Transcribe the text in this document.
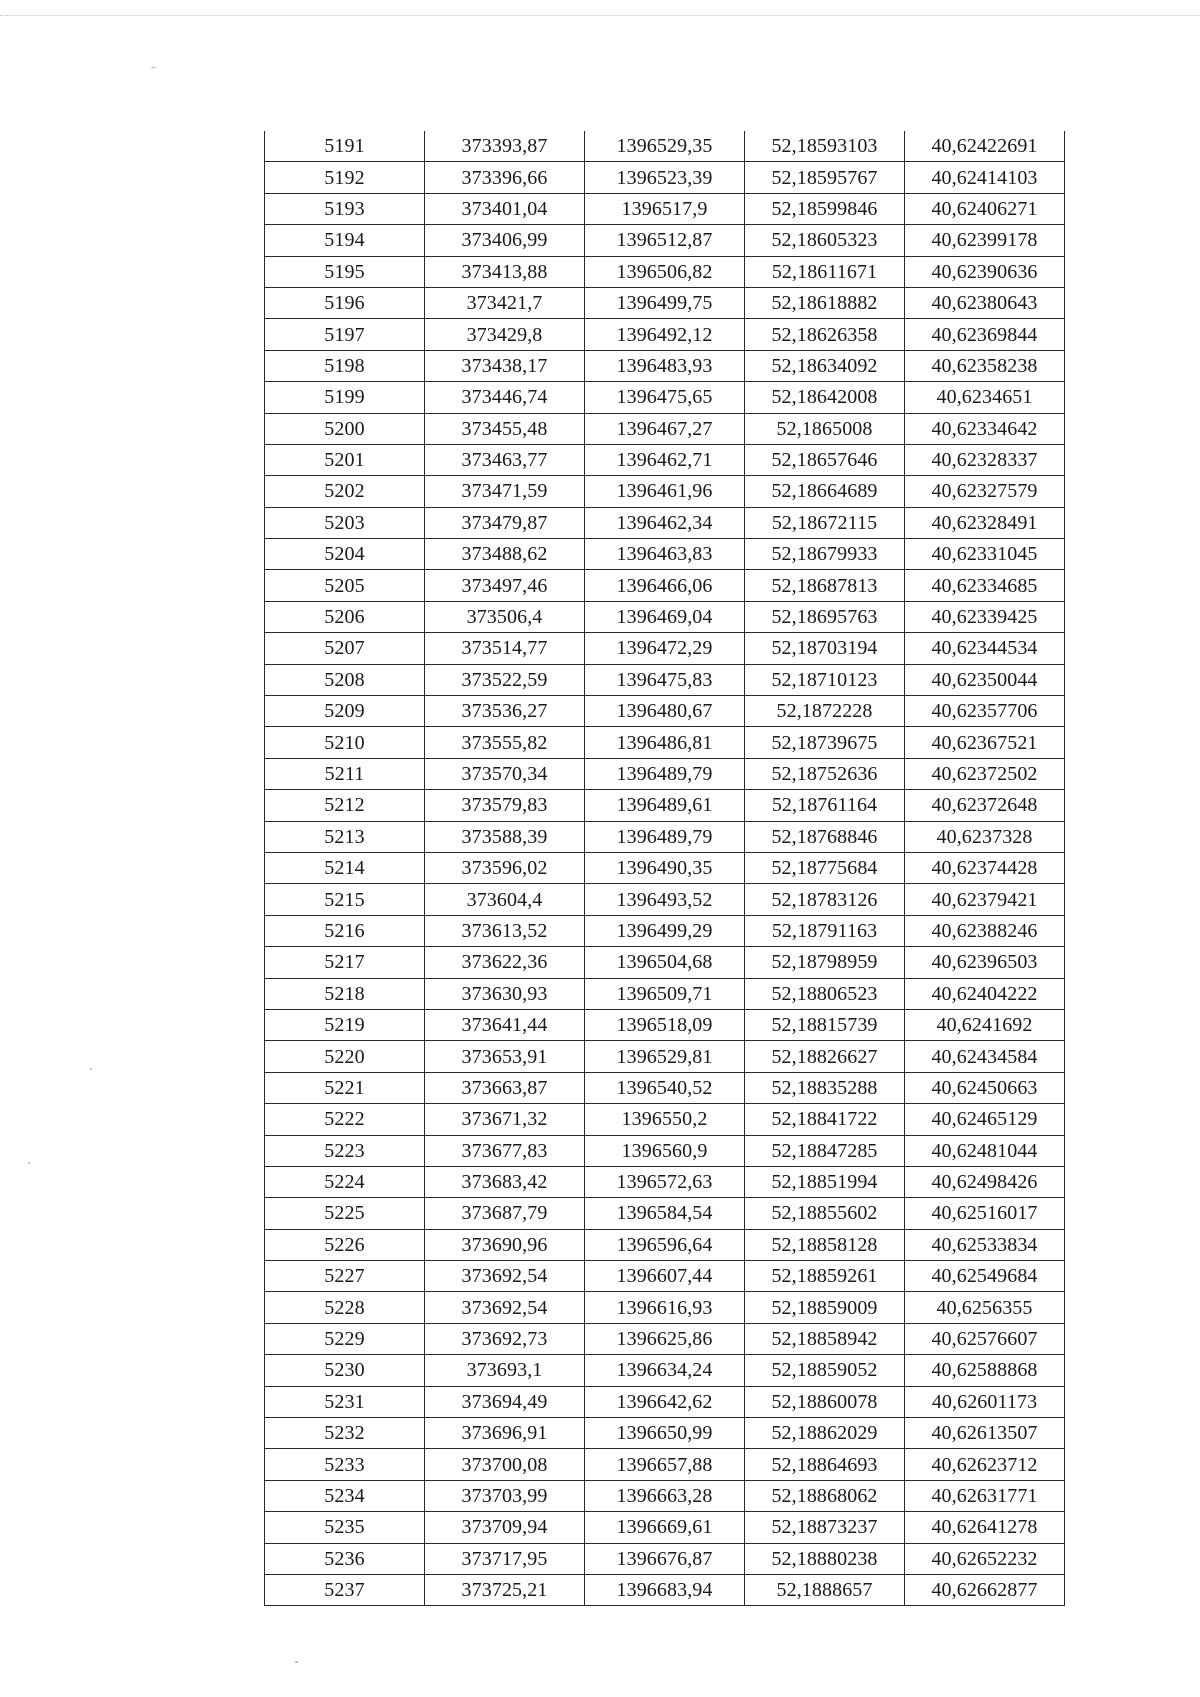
5191	373393,87	1396529,35	52,18593103	40,62422691
5192	373396,66	1396523,39	52,18595767	40,62414103
5193	373401,04	1396517,9	52,18599846	40,62406271
5194	373406,99	1396512,87	52,18605323	40,62399178
5195	373413,88	1396506,82	52,18611671	40,62390636
5196	373421,7	1396499,75	52,18618882	40,62380643
5197	373429,8	1396492,12	52,18626358	40,62369844
5198	373438,17	1396483,93	52,18634092	40,62358238
5199	373446,74	1396475,65	52,18642008	40,6234651
5200	373455,48	1396467,27	52,1865008	40,62334642
5201	373463,77	1396462,71	52,18657646	40,62328337
5202	373471,59	1396461,96	52,18664689	40,62327579
5203	373479,87	1396462,34	52,18672115	40,62328491
5204	373488,62	1396463,83	52,18679933	40,62331045
5205	373497,46	1396466,06	52,18687813	40,62334685
5206	373506,4	1396469,04	52,18695763	40,62339425
5207	373514,77	1396472,29	52,18703194	40,62344534
5208	373522,59	1396475,83	52,18710123	40,62350044
5209	373536,27	1396480,67	52,1872228	40,62357706
5210	373555,82	1396486,81	52,18739675	40,62367521
5211	373570,34	1396489,79	52,18752636	40,62372502
5212	373579,83	1396489,61	52,18761164	40,62372648
5213	373588,39	1396489,79	52,18768846	40,6237328
5214	373596,02	1396490,35	52,18775684	40,62374428
5215	373604,4	1396493,52	52,18783126	40,62379421
5216	373613,52	1396499,29	52,18791163	40,62388246
5217	373622,36	1396504,68	52,18798959	40,62396503
5218	373630,93	1396509,71	52,18806523	40,62404222
5219	373641,44	1396518,09	52,18815739	40,6241692
5220	373653,91	1396529,81	52,18826627	40,62434584
5221	373663,87	1396540,52	52,18835288	40,62450663
5222	373671,32	1396550,2	52,18841722	40,62465129
5223	373677,83	1396560,9	52,18847285	40,62481044
5224	373683,42	1396572,63	52,18851994	40,62498426
5225	373687,79	1396584,54	52,18855602	40,62516017
5226	373690,96	1396596,64	52,18858128	40,62533834
5227	373692,54	1396607,44	52,18859261	40,62549684
5228	373692,54	1396616,93	52,18859009	40,6256355
5229	373692,73	1396625,86	52,18858942	40,62576607
5230	373693,1	1396634,24	52,18859052	40,62588868
5231	373694,49	1396642,62	52,18860078	40,62601173
5232	373696,91	1396650,99	52,18862029	40,62613507
5233	373700,08	1396657,88	52,18864693	40,62623712
5234	373703,99	1396663,28	52,18868062	40,62631771
5235	373709,94	1396669,61	52,18873237	40,62641278
5236	373717,95	1396676,87	52,18880238	40,62652232
5237	373725,21	1396683,94	52,1888657	40,62662877
